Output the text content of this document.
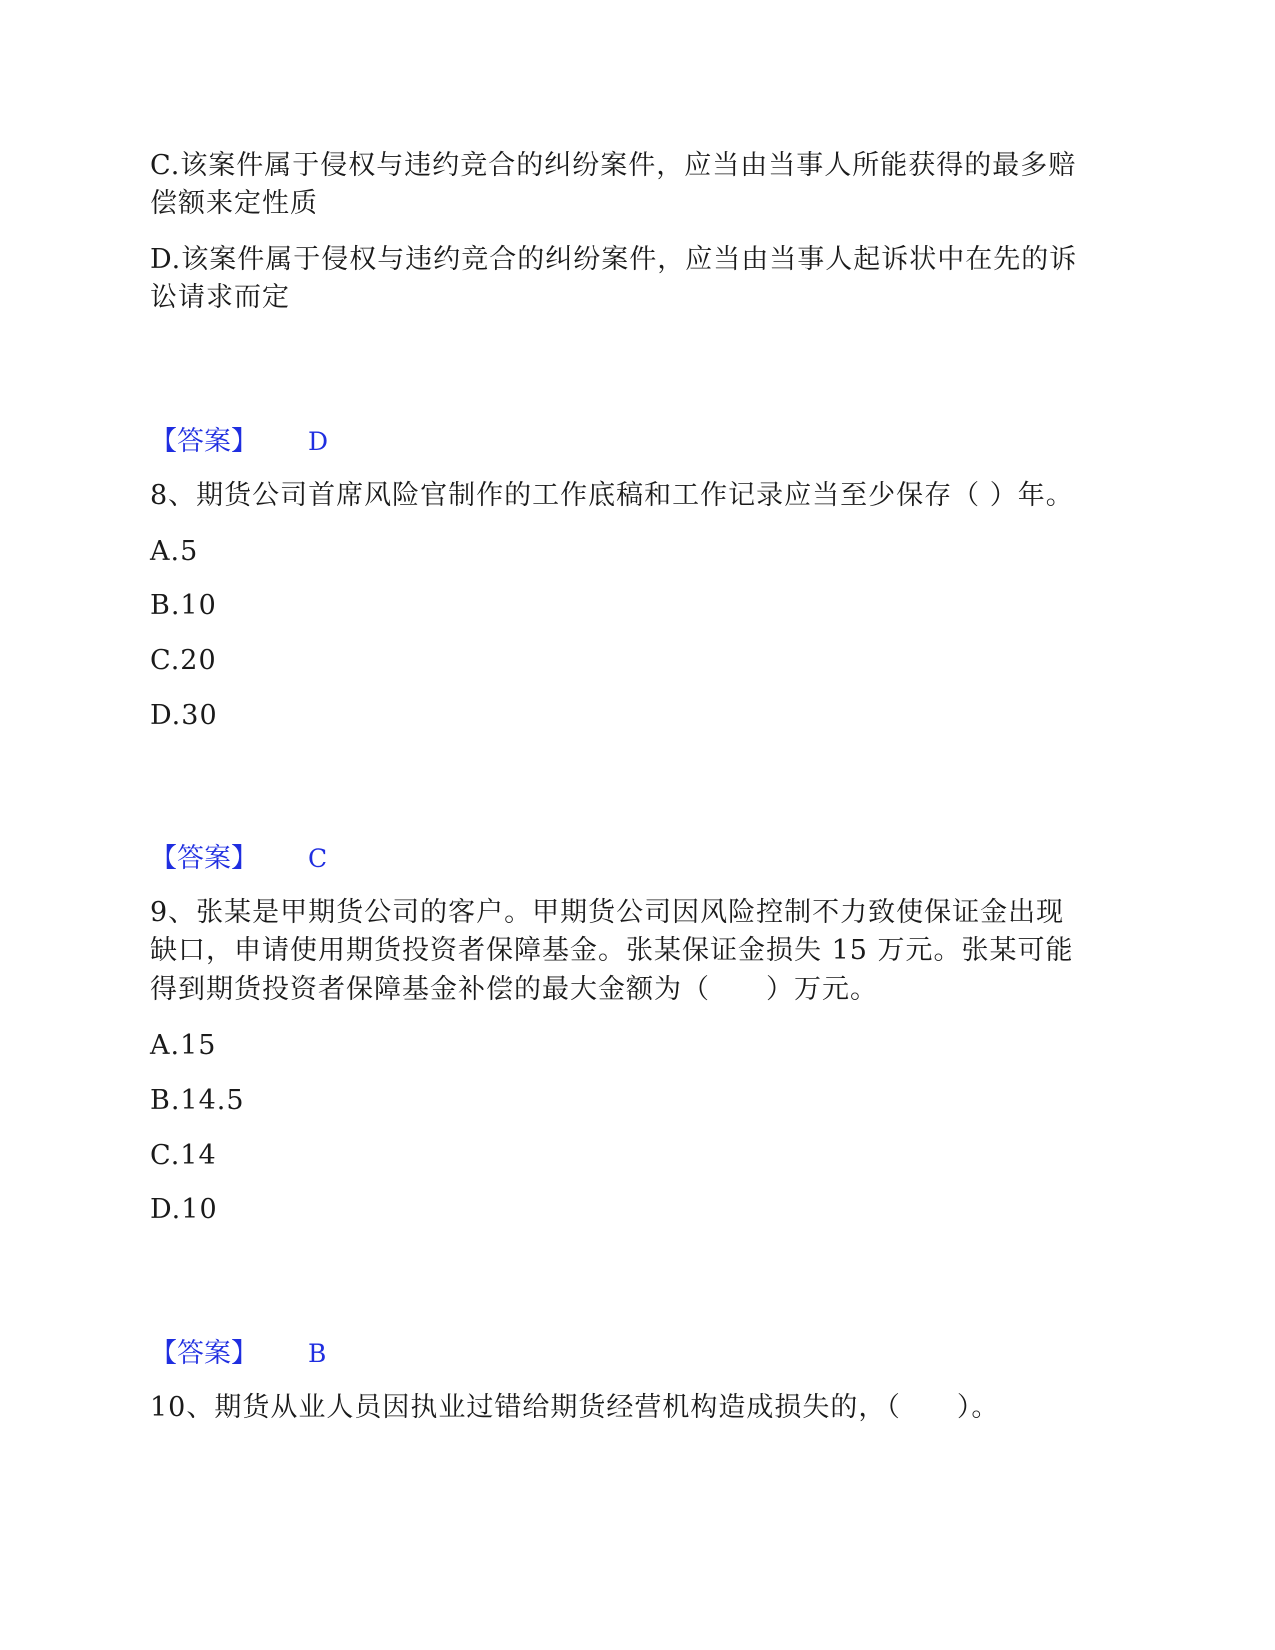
C.该案件属于侵权与违约竞合的纠纷案件，应当由当事人所能获得的最多赔
偿额来定性质
D.该案件属于侵权与违约竞合的纠纷案件，应当由当事人起诉状中在先的诉
讼请求而定
【答案】 D
8、期货公司首席风险官制作的工作底稿和工作记录应当至少保存（ ）年。
A.5
B.10
C.20
D.30
【答案】 C
9、张某是甲期货公司的客户。甲期货公司因风险控制不力致使保证金出现
缺口，申请使用期货投资者保障基金。张某保证金损失 15 万元。张某可能
得到期货投资者保障基金补偿的最大金额为（　　）万元。
A.15
B.14.5
C.14
D.10
【答案】 B
10、期货从业人员因执业过错给期货经营机构造成损失的，（　　）。
